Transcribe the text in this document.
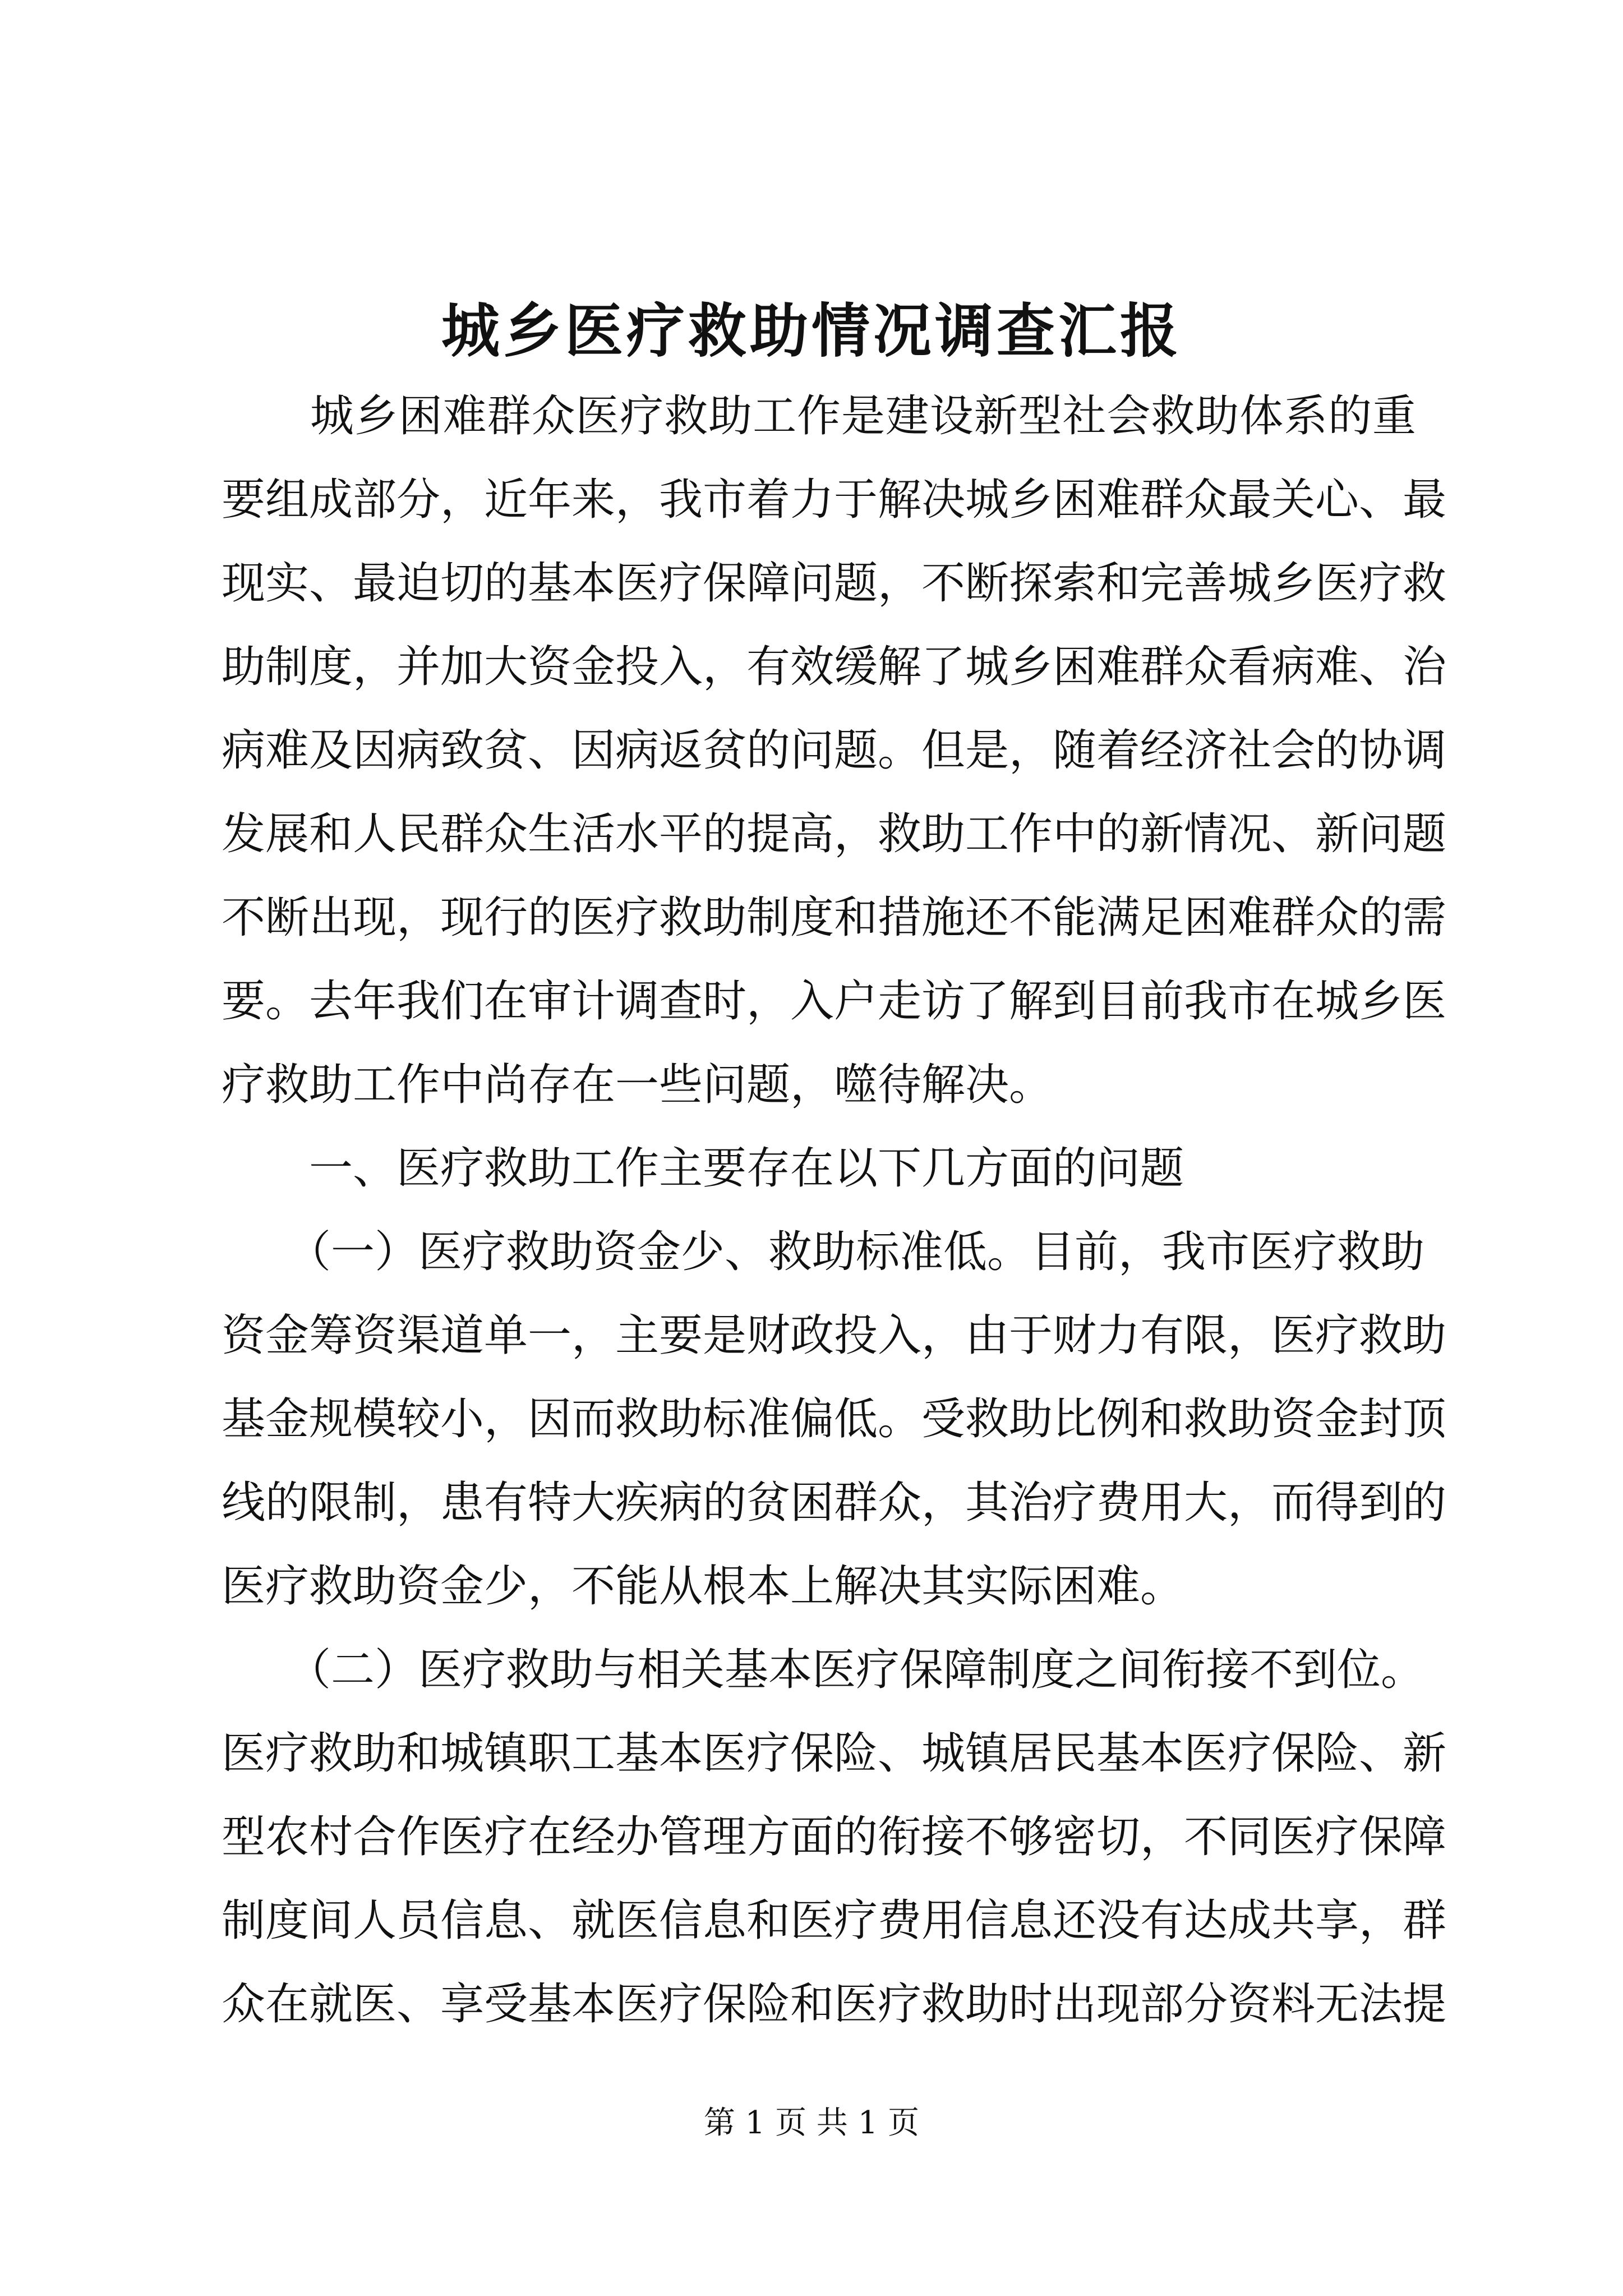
城乡医疗救助情况调查汇报
　　城乡困难群众医疗救助工作是建设新型社会救助体系的重
要组成部分，近年来，我市着力于解决城乡困难群众最关心、最
现实、最迫切的基本医疗保障问题，不断探索和完善城乡医疗救
助制度，并加大资金投入，有效缓解了城乡困难群众看病难、治
病难及因病致贫、因病返贫的问题。但是，随着经济社会的协调
发展和人民群众生活水平的提高，救助工作中的新情况、新问题
不断出现，现行的医疗救助制度和措施还不能满足困难群众的需
要。去年我们在审计调查时，入户走访了解到目前我市在城乡医
疗救助工作中尚存在一些问题，噬待解决。
　　一、医疗救助工作主要存在以下几方面的问题
　　（一）医疗救助资金少、救助标准低。目前，我市医疗救助
资金筹资渠道单一，主要是财政投入，由于财力有限，医疗救助
基金规模较小，因而救助标准偏低。受救助比例和救助资金封顶
线的限制，患有特大疾病的贫困群众，其治疗费用大，而得到的
医疗救助资金少，不能从根本上解决其实际困难。
　　（二）医疗救助与相关基本医疗保障制度之间衔接不到位。
医疗救助和城镇职工基本医疗保险、城镇居民基本医疗保险、新
型农村合作医疗在经办管理方面的衔接不够密切，不同医疗保障
制度间人员信息、就医信息和医疗费用信息还没有达成共享，群
众在就医、享受基本医疗保险和医疗救助时出现部分资料无法提
第 1 页 共 1 页
